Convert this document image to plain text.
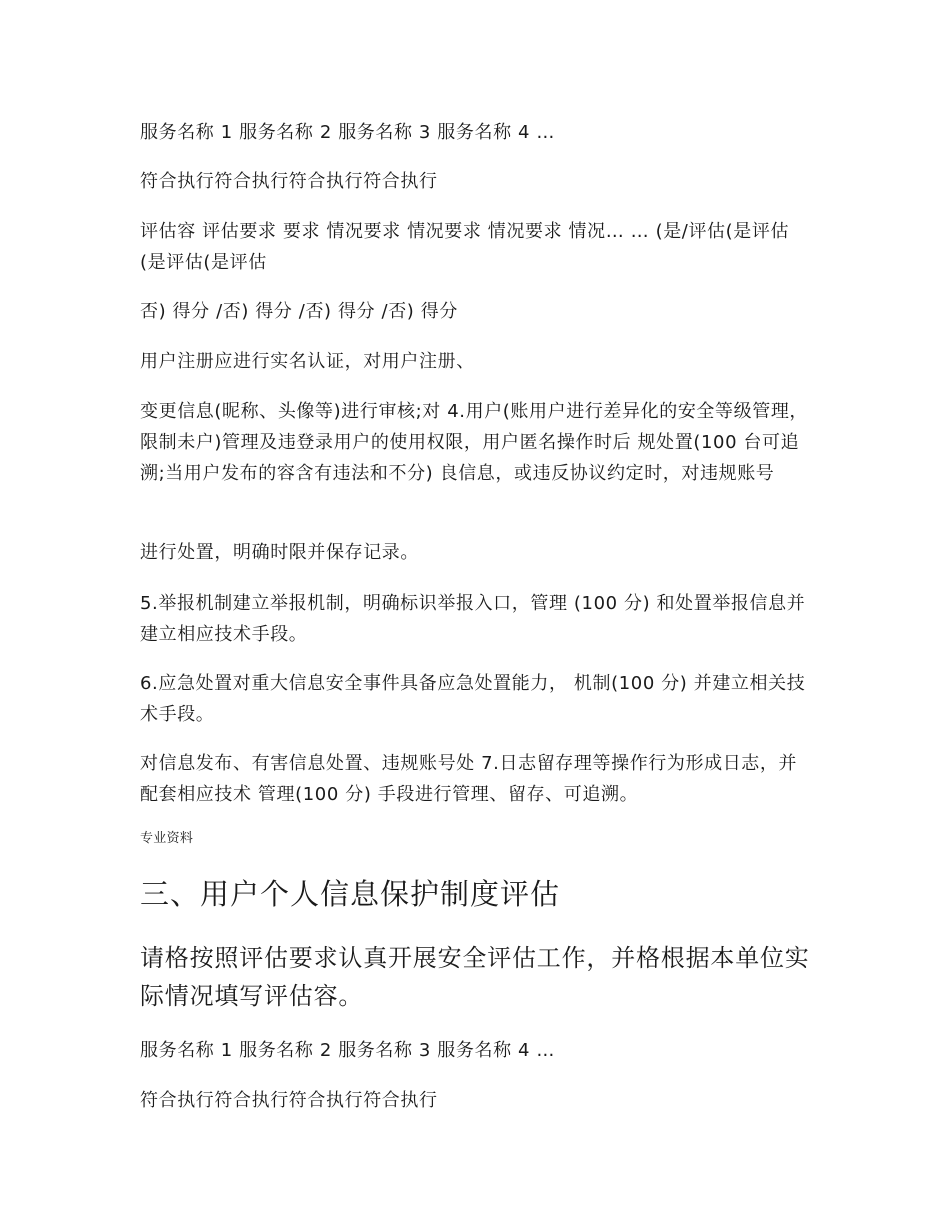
服务名称 1 服务名称 2 服务名称 3 服务名称 4 …

符合执行符合执行符合执行符合执行

评估容 评估要求 要求 情况要求 情况要求 情况要求 情况… … (是/评估(是评估(是评估(是评估

否) 得分 /否) 得分 /否) 得分 /否) 得分

用户注册应进行实名认证，对用户注册、

变更信息(昵称、头像等)进行审核;对 4.用户(账用户进行差异化的安全等级管理，限制未户)管理及违登录用户的使用权限，用户匿名操作时后 规处置(100 台可追溯;当用户发布的容含有违法和不分) 良信息，或违反协议约定时，对违规账号

进行处置，明确时限并保存记录。

5.举报机制建立举报机制，明确标识举报入口，管理 (100 分) 和处置举报信息并建立相应技术手段。

6.应急处置对重大信息安全事件具备应急处置能力， 机制(100 分) 并建立相关技术手段。

对信息发布、有害信息处置、违规账号处 7.日志留存理等操作行为形成日志，并配套相应技术 管理(100 分) 手段进行管理、留存、可追溯。

专业资料

三、用户个人信息保护制度评估

请格按照评估要求认真开展安全评估工作，并格根据本单位实际情况填写评估容。

服务名称 1 服务名称 2 服务名称 3 服务名称 4 …

符合执行符合执行符合执行符合执行
